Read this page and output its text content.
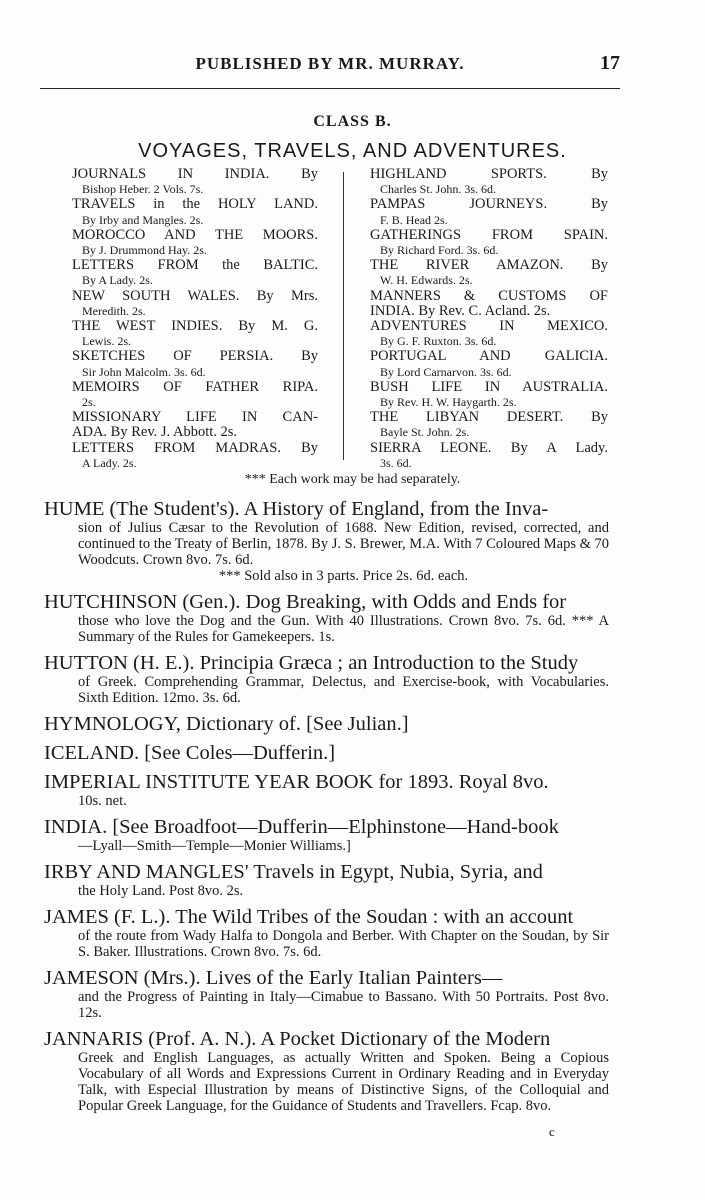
PUBLISHED BY MR. MURRAY.	17
CLASS B.
VOYAGES, TRAVELS, AND ADVENTURES.
JOURNALS IN INDIA. By
Bishop Heber. 2 Vols. 7s.
TRAVELS in the HOLY LAND.
By Irby and Mangles. 2s.
MOROCCO AND THE MOORS.
By J. Drummond Hay. 2s.
LETTERS FROM the BALTIC.
By A Lady. 2s.
NEW SOUTH WALES. By Mrs.
Meredith. 2s.
THE WEST INDIES. By M. G.
Lewis. 2s.
SKETCHES OF PERSIA. By
Sir John Malcolm. 3s. 6d.
MEMOIRS OF FATHER RIPA.
2s.
MISSIONARY LIFE IN CAN-
ADA. By Rev. J. Abbott. 2s.
LETTERS FROM MADRAS. By
A Lady. 2s.
HIGHLAND SPORTS. By
Charles St. John. 3s. 6d.
PAMPAS JOURNEYS. By
F. B. Head 2s.
GATHERINGS FROM SPAIN.
By Richard Ford. 3s. 6d.
THE RIVER AMAZON. By
W. H. Edwards. 2s.
MANNERS & CUSTOMS OF
INDIA. By Rev. C. Acland. 2s.
ADVENTURES IN MEXICO.
By G. F. Ruxton. 3s. 6d.
PORTUGAL AND GALICIA.
By Lord Carnarvon. 3s. 6d.
BUSH LIFE IN AUSTRALIA.
By Rev. H. W. Haygarth. 2s.
THE LIBYAN DESERT. By
Bayle St. John. 2s.
SIERRA LEONE. By A Lady.
3s. 6d.
*** Each work may be had separately.
HUME (The Student's). A History of England, from the Inva-
sion of Julius Cæsar to the Revolution of 1688. New Edition, revised, corrected, and continued to the Treaty of Berlin, 1878. By J. S. Brewer, M.A. With 7 Coloured Maps & 70 Woodcuts. Crown 8vo. 7s. 6d.
*** Sold also in 3 parts. Price 2s. 6d. each.
HUTCHINSON (Gen.). Dog Breaking, with Odds and Ends for
those who love the Dog and the Gun. With 40 Illustrations. Crown 8vo. 7s. 6d. *** A Summary of the Rules for Gamekeepers. 1s.
HUTTON (H. E.). Principia Græca ; an Introduction to the Study
of Greek. Comprehending Grammar, Delectus, and Exercise-book, with Vocabularies. Sixth Edition. 12mo. 3s. 6d.
HYMNOLOGY, Dictionary of. [See Julian.]
ICELAND. [See Coles—Dufferin.]
IMPERIAL INSTITUTE YEAR BOOK for 1893. Royal 8vo.
10s. net.
INDIA. [See Broadfoot—Dufferin—Elphinstone—Hand-book
—Lyall—Smith—Temple—Monier Williams.]
IRBY AND MANGLES' Travels in Egypt, Nubia, Syria, and
the Holy Land. Post 8vo. 2s.
JAMES (F. L.). The Wild Tribes of the Soudan : with an account
of the route from Wady Halfa to Dongola and Berber. With Chapter on the Soudan, by Sir S. Baker. Illustrations. Crown 8vo. 7s. 6d.
JAMESON (Mrs.). Lives of the Early Italian Painters—
and the Progress of Painting in Italy—Cimabue to Bassano. With 50 Portraits. Post 8vo. 12s.
JANNARIS (Prof. A. N.). A Pocket Dictionary of the Modern
Greek and English Languages, as actually Written and Spoken. Being a Copious Vocabulary of all Words and Expressions Current in Ordinary Reading and in Everyday Talk, with Especial Illustration by means of Distinctive Signs, of the Colloquial and Popular Greek Language, for the Guidance of Students and Travellers. Fcap. 8vo.
c
